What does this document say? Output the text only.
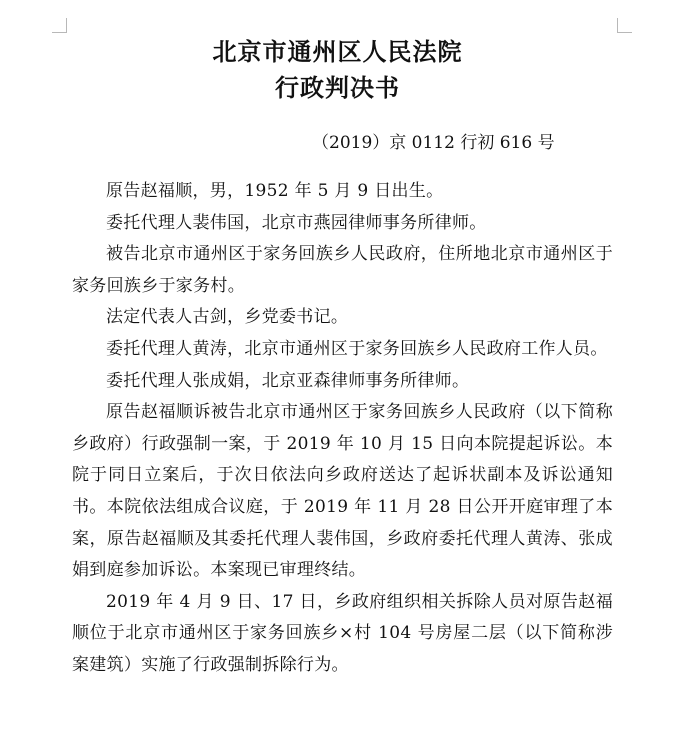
北京市通州区人民法院
行政判决书
（2019）京 0112 行初 616 号

原告赵福顺，男，1952 年 5 月 9 日出生。

委托代理人裴伟国，北京市燕园律师事务所律师。

被告北京市通州区于家务回族乡人民政府，住所地北京市通州区于家务回族乡于家务村。

法定代表人古剑，乡党委书记。

委托代理人黄涛，北京市通州区于家务回族乡人民政府工作人员。

委托代理人张成娟，北京亚森律师事务所律师。

原告赵福顺诉被告北京市通州区于家务回族乡人民政府（以下简称乡政府）行政强制一案，于 2019 年 10 月 15 日向本院提起诉讼。本院于同日立案后，于次日依法向乡政府送达了起诉状副本及诉讼通知书。本院依法组成合议庭，于 2019 年 11 月 28 日公开开庭审理了本案，原告赵福顺及其委托代理人裴伟国，乡政府委托代理人黄涛、张成娟到庭参加诉讼。本案现已审理终结。

2019 年 4 月 9 日、17 日，乡政府组织相关拆除人员对原告赵福顺位于北京市通州区于家务回族乡×村 104 号房屋二层（以下简称涉案建筑）实施了行政强制拆除行为。
